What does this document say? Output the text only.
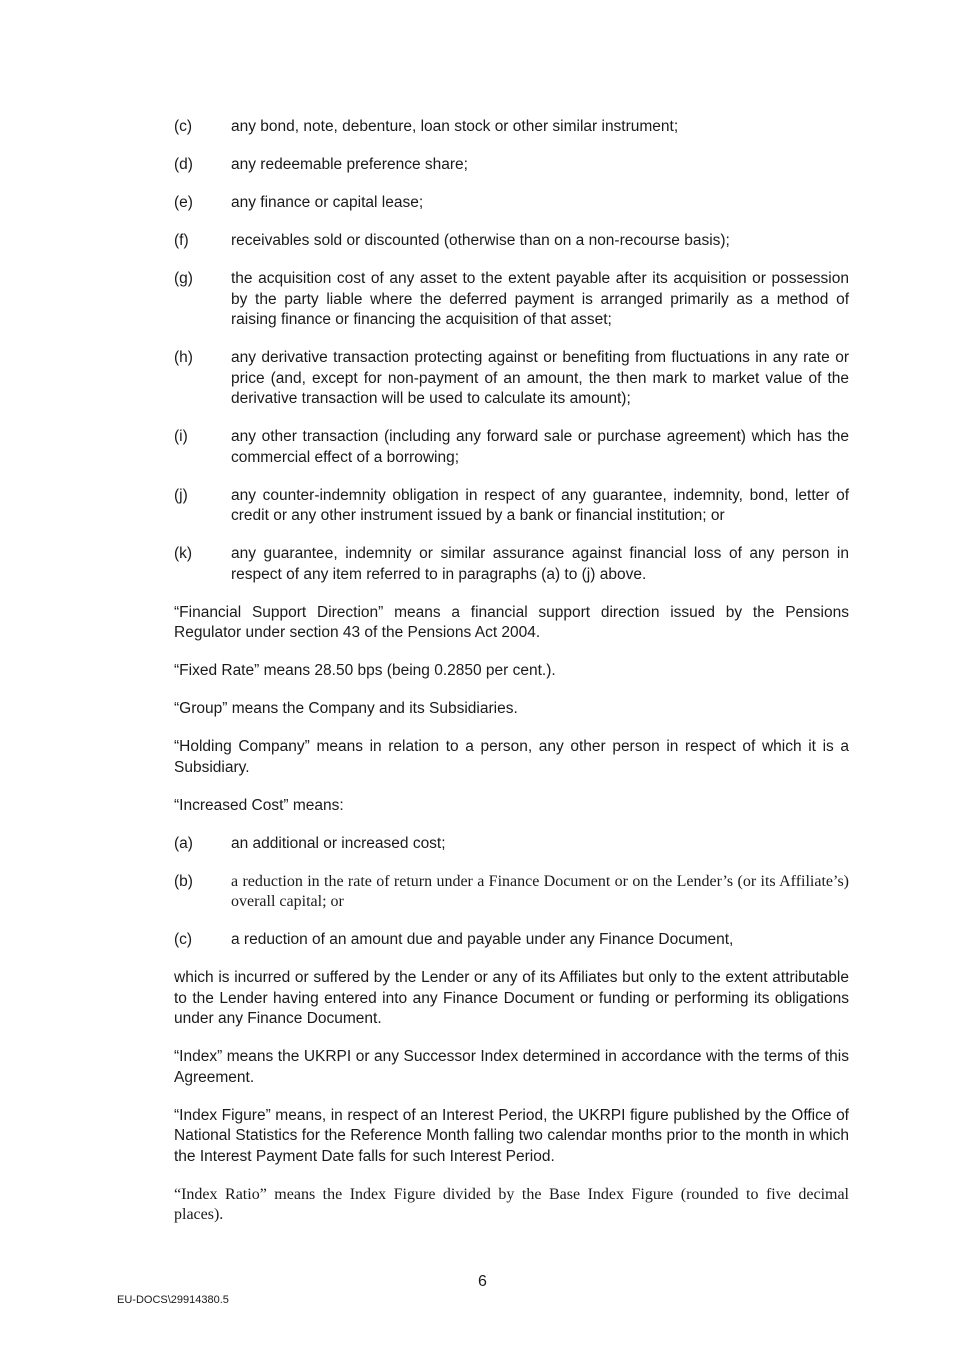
(c)	any bond, note, debenture, loan stock or other similar instrument;
(d)	any redeemable preference share;
(e)	any finance or capital lease;
(f)	receivables sold or discounted (otherwise than on a non-recourse basis);
(g)	the acquisition cost of any asset to the extent payable after its acquisition or possession by the party liable where the deferred payment is arranged primarily as a method of raising finance or financing the acquisition of that asset;
(h)	any derivative transaction protecting against or benefiting from fluctuations in any rate or price (and, except for non-payment of an amount, the then mark to market value of the derivative transaction will be used to calculate its amount);
(i)	any other transaction (including any forward sale or purchase agreement) which has the commercial effect of a borrowing;
(j)	any counter-indemnity obligation in respect of any guarantee, indemnity, bond, letter of credit or any other instrument issued by a bank or financial institution; or
(k)	any guarantee, indemnity or similar assurance against financial loss of any person in respect of any item referred to in paragraphs (a) to (j) above.
“Financial Support Direction” means a financial support direction issued by the Pensions Regulator under section 43 of the Pensions Act 2004.
“Fixed Rate” means 28.50 bps (being 0.2850 per cent.).
“Group” means the Company and its Subsidiaries.
“Holding Company” means in relation to a person, any other person in respect of which it is a Subsidiary.
“Increased Cost” means:
(a)	an additional or increased cost;
(b)	a reduction in the rate of return under a Finance Document or on the Lender’s (or its Affiliate’s) overall capital; or
(c)	a reduction of an amount due and payable under any Finance Document,
which is incurred or suffered by the Lender or any of its Affiliates but only to the extent attributable to the Lender having entered into any Finance Document or funding or performing its obligations under any Finance Document.
“Index” means the UKRPI or any Successor Index determined in accordance with the terms of this Agreement.
“Index Figure” means, in respect of an Interest Period, the UKRPI figure published by the Office of National Statistics for the Reference Month falling two calendar months prior to the month in which the Interest Payment Date falls for such Interest Period.
“Index Ratio” means the Index Figure divided by the Base Index Figure (rounded to five decimal places).
6
EU-DOCS\29914380.5
